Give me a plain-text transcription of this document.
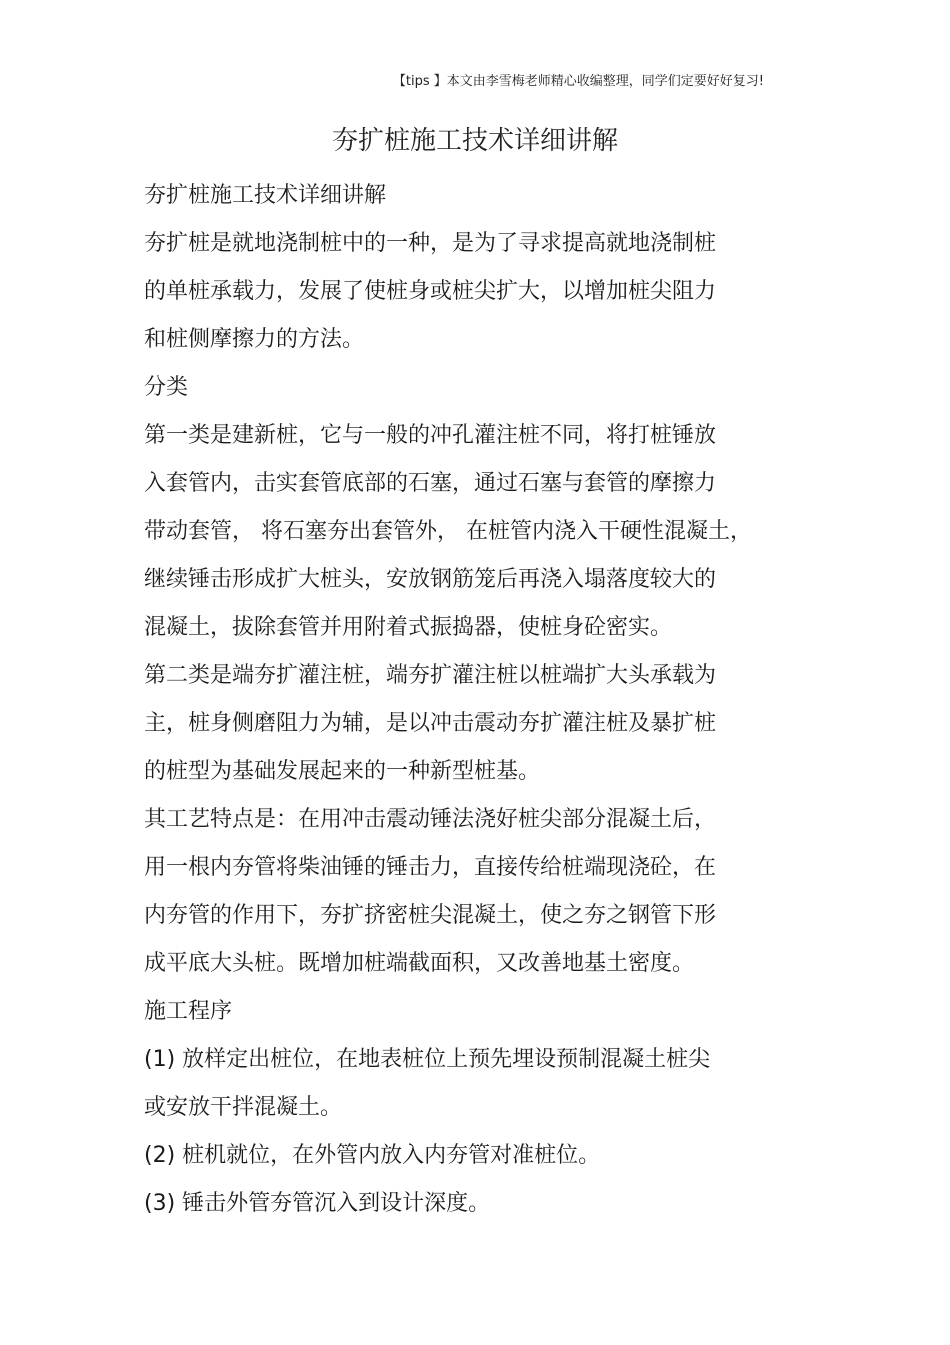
【tips 】本文由李雪梅老师精心收编整理，同学们定要好好复习!
夯扩桩施工技术详细讲解
夯扩桩施工技术详细讲解
夯扩桩是就地浇制桩中的一种，是为了寻求提高就地浇制桩
的单桩承载力，发展了使桩身或桩尖扩大，以增加桩尖阻力
和桩侧摩擦力的方法。
分类
第一类是建新桩，它与一般的冲孔灌注桩不同，将打桩锤放
入套管内，击实套管底部的石塞，通过石塞与套管的摩擦力
带动套管， 将石塞夯出套管外， 在桩管内浇入干硬性混凝土，
继续锤击形成扩大桩头，安放钢筋笼后再浇入塌落度较大的
混凝土，拔除套管并用附着式振捣器，使桩身砼密实。
第二类是端夯扩灌注桩，端夯扩灌注桩以桩端扩大头承载为
主，桩身侧磨阻力为辅，是以冲击震动夯扩灌注桩及暴扩桩
的桩型为基础发展起来的一种新型桩基。
其工艺特点是：在用冲击震动锤法浇好桩尖部分混凝土后，
用一根内夯管将柴油锤的锤击力，直接传给桩端现浇砼，在
内夯管的作用下，夯扩挤密桩尖混凝土，使之夯之钢管下形
成平底大头桩。既增加桩端截面积，又改善地基土密度。
施工程序
(1) 放样定出桩位，在地表桩位上预先埋设预制混凝土桩尖
或安放干拌混凝土。
(2) 桩机就位，在外管内放入内夯管对准桩位。
(3) 锤击外管夯管沉入到设计深度。
